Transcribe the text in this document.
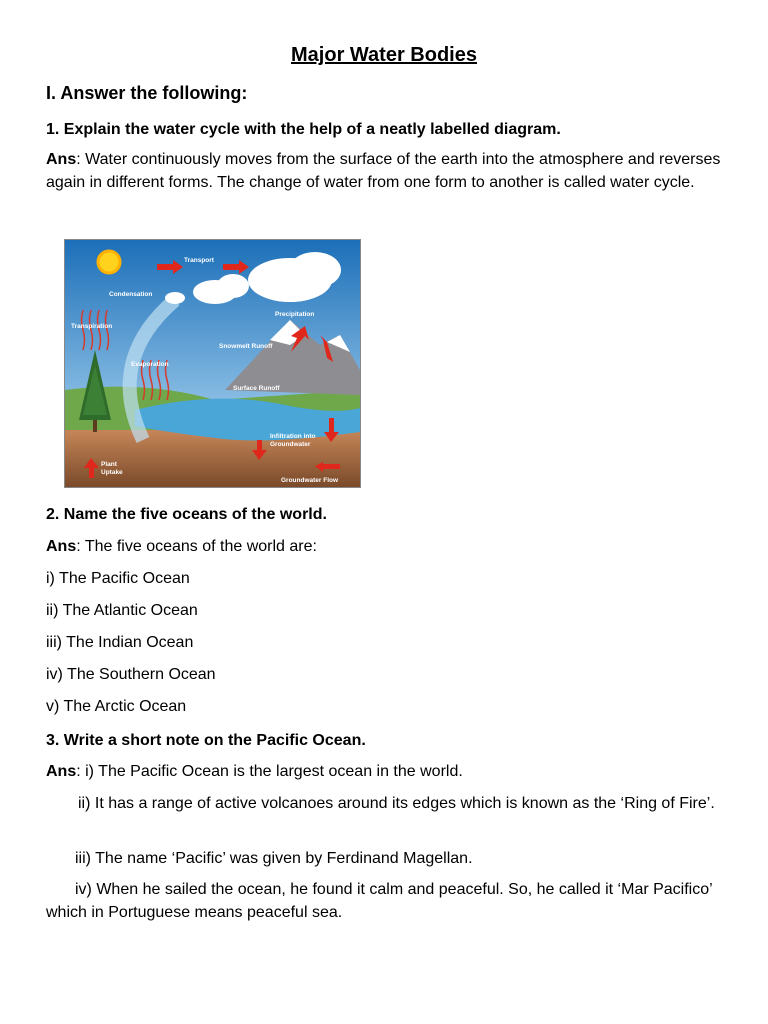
Major Water Bodies
I. Answer the following:
1. Explain the water cycle with the help of a neatly labelled diagram.
Ans: Water continuously moves from the surface of the earth into the atmosphere and reverses again in different forms. The change of water from one form to another is called water cycle.
Transport
Condensation
Precipitation
Transpiration
Snowmelt Runoff
Evaporation
Surface Runoff
Infiltration into
Groundwater
Plant
Uptake
Groundwater Flow
2. Name the five oceans of the world.
Ans: The five oceans of the world are:
i) The Pacific Ocean
ii) The Atlantic Ocean
iii) The Indian Ocean
iv) The Southern Ocean
v) The Arctic Ocean
3. Write a short note on the Pacific Ocean.
Ans: i) The Pacific Ocean is the largest ocean in the world.
ii) It has a range of active volcanoes around its edges which is known as the ‘Ring of Fire’.
iii) The name ‘Pacific’ was given by Ferdinand Magellan.
iv) When he sailed the ocean, he found it calm and peaceful. So, he called it ‘Mar Pacifico’ which in Portuguese means peaceful sea.
